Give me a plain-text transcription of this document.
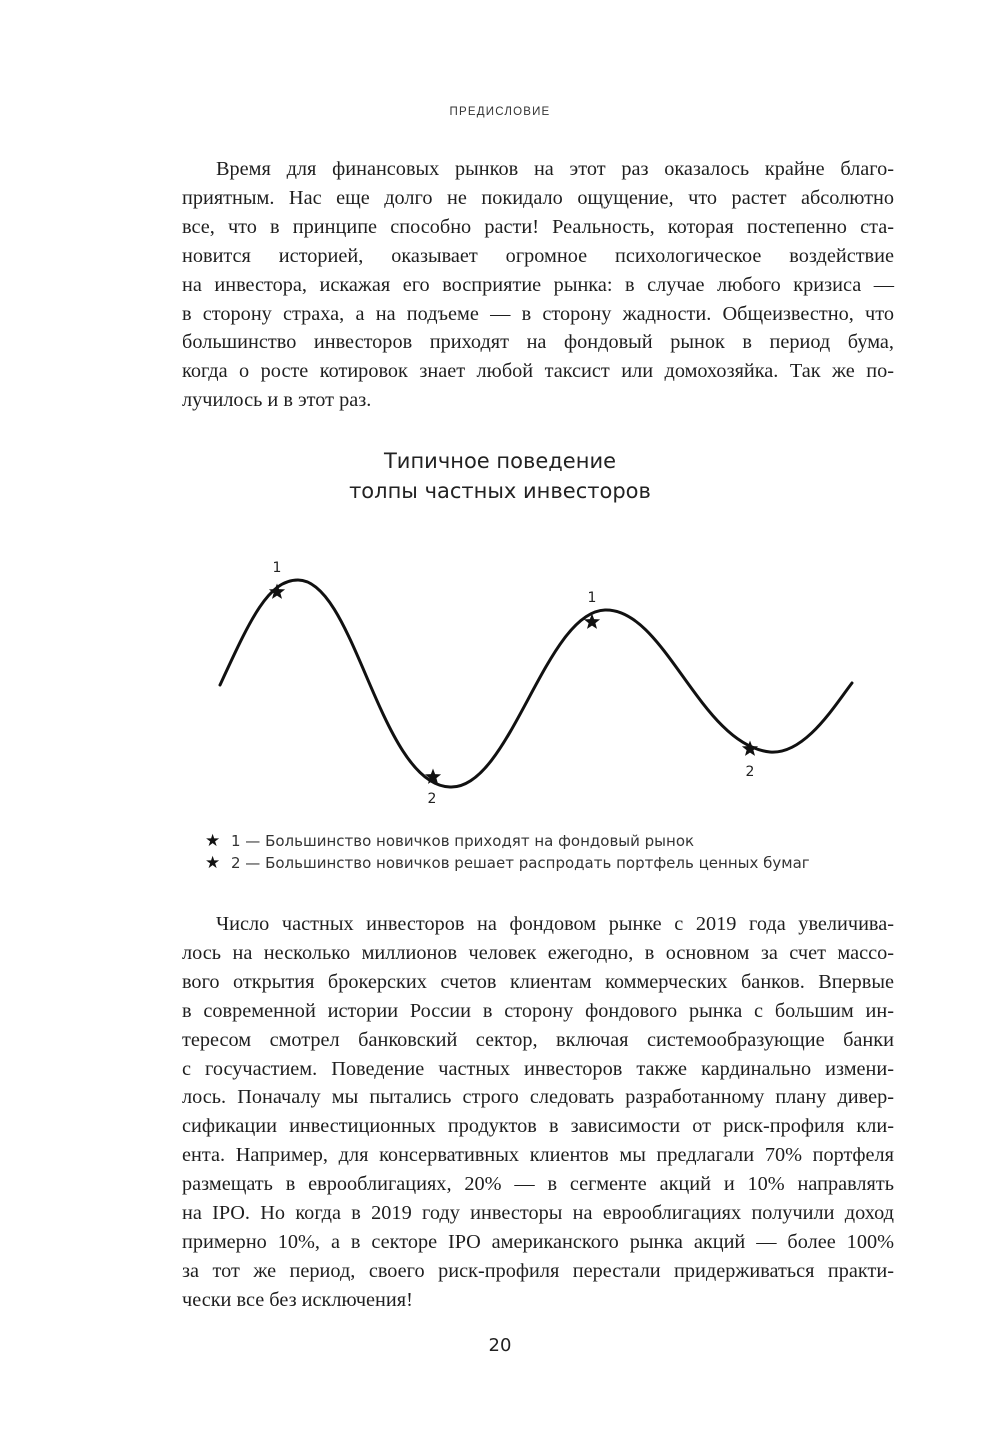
ПРЕДИСЛОВИЕ
Время для финансовых рынков на этот раз оказалось крайне благо-
приятным. Нас еще долго не покидало ощущение, что растет абсолютно
все, что в принципе способно расти! Реальность, которая постепенно ста-
новится историей, оказывает огромное психологическое воздействие
на инвестора, искажая его восприятие рынка: в случае любого кризиса —
в сторону страха, а на подъеме — в сторону жадности. Общеизвестно, что
большинство инвесторов приходят на фондовый рынок в период бума,
когда о росте котировок знает любой таксист или домохозяйка. Так же по-
лучилось и в этот раз.
Типичное поведение
толпы частных инвесторов
1
2
1
2
★ 1 — Большинство новичков приходят на фондовый рынок
★ 2 — Большинство новичков решает распродать портфель ценных бумаг
Число частных инвесторов на фондовом рынке с 2019 года увеличива-
лось на несколько миллионов человек ежегодно, в основном за счет массо-
вого открытия брокерских счетов клиентам коммерческих банков. Впервые
в современной истории России в сторону фондового рынка с большим ин-
тересом смотрел банковский сектор, включая системообразующие банки
с госучастием. Поведение частных инвесторов также кардинально измени-
лось. Поначалу мы пытались строго следовать разработанному плану дивер-
сификации инвестиционных продуктов в зависимости от риск-профиля кли-
ента. Например, для консервативных клиентов мы предлагали 70% портфеля
размещать в еврооблигациях, 20% — в сегменте акций и 10% направлять
на IPO. Но когда в 2019 году инвесторы на еврооблигациях получили доход
примерно 10%, а в секторе IPO американского рынка акций — более 100%
за тот же период, своего риск-профиля перестали придерживаться практи-
чески все без исключения!
20
